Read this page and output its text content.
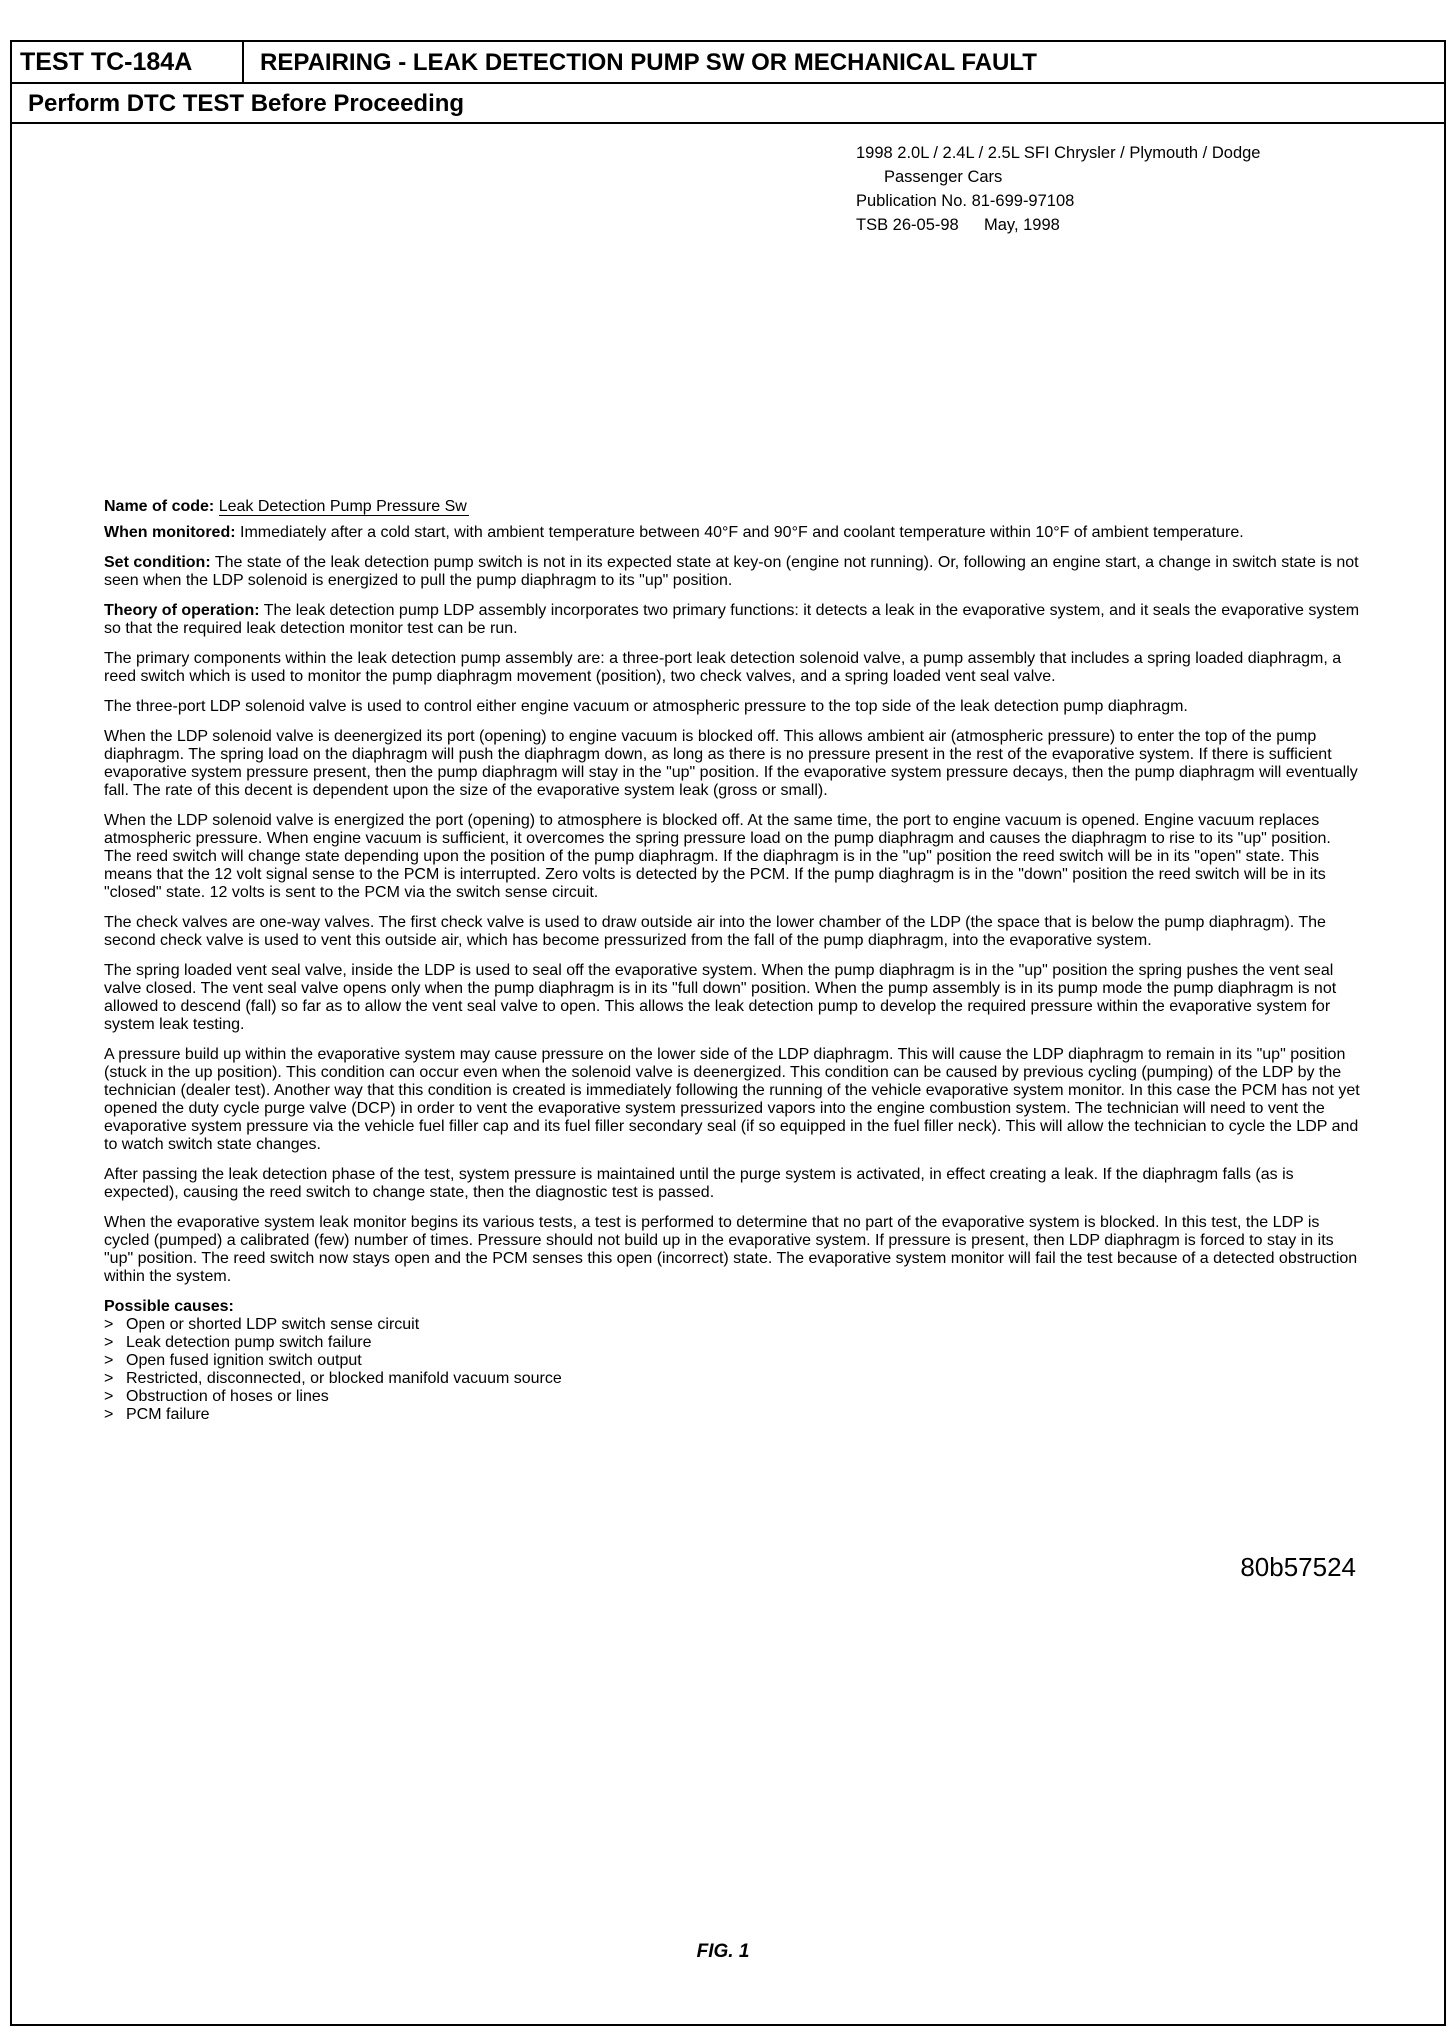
TEST TC-184A	REPAIRING - LEAK DETECTION PUMP SW OR MECHANICAL FAULT
Perform DTC TEST Before Proceeding
1998 2.0L / 2.4L / 2.5L SFI Chrysler / Plymouth / Dodge
Passenger Cars
Publication No. 81-699-97108
TSB 26-05-98 May, 1998
Name of code: Leak Detection Pump Pressure Sw

When monitored: Immediately after a cold start, with ambient temperature between 40°F and 90°F and coolant temperature within 10°F of ambient temperature.

Set condition: The state of the leak detection pump switch is not in its expected state at key-on (engine not running). Or, following an engine start, a change in switch state is not seen when the LDP solenoid is energized to pull the pump diaphragm to its "up" position.

Theory of operation: The leak detection pump LDP assembly incorporates two primary functions: it detects a leak in the evaporative system, and it seals the evaporative system so that the required leak detection monitor test can be run.

The primary components within the leak detection pump assembly are: a three-port leak detection solenoid valve, a pump assembly that includes a spring loaded diaphragm, a reed switch which is used to monitor the pump diaphragm movement (position), two check valves, and a spring loaded vent seal valve.

The three-port LDP solenoid valve is used to control either engine vacuum or atmospheric pressure to the top side of the leak detection pump diaphragm.

When the LDP solenoid valve is deenergized its port (opening) to engine vacuum is blocked off. This allows ambient air (atmospheric pressure) to enter the top of the pump diaphragm. The spring load on the diaphragm will push the diaphragm down, as long as there is no pressure present in the rest of the evaporative system. If there is sufficient evaporative system pressure present, then the pump diaphragm will stay in the "up" position. If the evaporative system pressure decays, then the pump diaphragm will eventually fall. The rate of this decent is dependent upon the size of the evaporative system leak (gross or small).

When the LDP solenoid valve is energized the port (opening) to atmosphere is blocked off. At the same time, the port to engine vacuum is opened. Engine vacuum replaces atmospheric pressure. When engine vacuum is sufficient, it overcomes the spring pressure load on the pump diaphragm and causes the diaphragm to rise to its "up" position. The reed switch will change state depending upon the position of the pump diaphragm. If the diaphragm is in the "up" position the reed switch will be in its "open" state. This means that the 12 volt signal sense to the PCM is interrupted. Zero volts is detected by the PCM. If the pump diaghragm is in the "down" position the reed switch will be in its "closed" state. 12 volts is sent to the PCM via the switch sense circuit.

The check valves are one-way valves. The first check valve is used to draw outside air into the lower chamber of the LDP (the space that is below the pump diaphragm). The second check valve is used to vent this outside air, which has become pressurized from the fall of the pump diaphragm, into the evaporative system.

The spring loaded vent seal valve, inside the LDP is used to seal off the evaporative system. When the pump diaphragm is in the "up" position the spring pushes the vent seal valve closed. The vent seal valve opens only when the pump diaphragm is in its "full down" position. When the pump assembly is in its pump mode the pump diaphragm is not allowed to descend (fall) so far as to allow the vent seal valve to open. This allows the leak detection pump to develop the required pressure within the evaporative system for system leak testing.

A pressure build up within the evaporative system may cause pressure on the lower side of the LDP diaphragm. This will cause the LDP diaphragm to remain in its "up" position (stuck in the up position). This condition can occur even when the solenoid valve is deenergized. This condition can be caused by previous cycling (pumping) of the LDP by the technician (dealer test). Another way that this condition is created is immediately following the running of the vehicle evaporative system monitor. In this case the PCM has not yet opened the duty cycle purge valve (DCP) in order to vent the evaporative system pressurized vapors into the engine combustion system. The technician will need to vent the evaporative system pressure via the vehicle fuel filler cap and its fuel filler secondary seal (if so equipped in the fuel filler neck). This will allow the technician to cycle the LDP and to watch switch state changes.

After passing the leak detection phase of the test, system pressure is maintained until the purge system is activated, in effect creating a leak. If the diaphragm falls (as is expected), causing the reed switch to change state, then the diagnostic test is passed.

When the evaporative system leak monitor begins its various tests, a test is performed to determine that no part of the evaporative system is blocked. In this test, the LDP is cycled (pumped) a calibrated (few) number of times. Pressure should not build up in the evaporative system. If pressure is present, then LDP diaphragm is forced to stay in its "up" position. The reed switch now stays open and the PCM senses this open (incorrect) state. The evaporative system monitor will fail the test because of a detected obstruction within the system.

Possible causes:
> Open or shorted LDP switch sense circuit
> Leak detection pump switch failure
> Open fused ignition switch output
> Restricted, disconnected, or blocked manifold vacuum source
> Obstruction of hoses or lines
> PCM failure
80b57524
FIG. 1
